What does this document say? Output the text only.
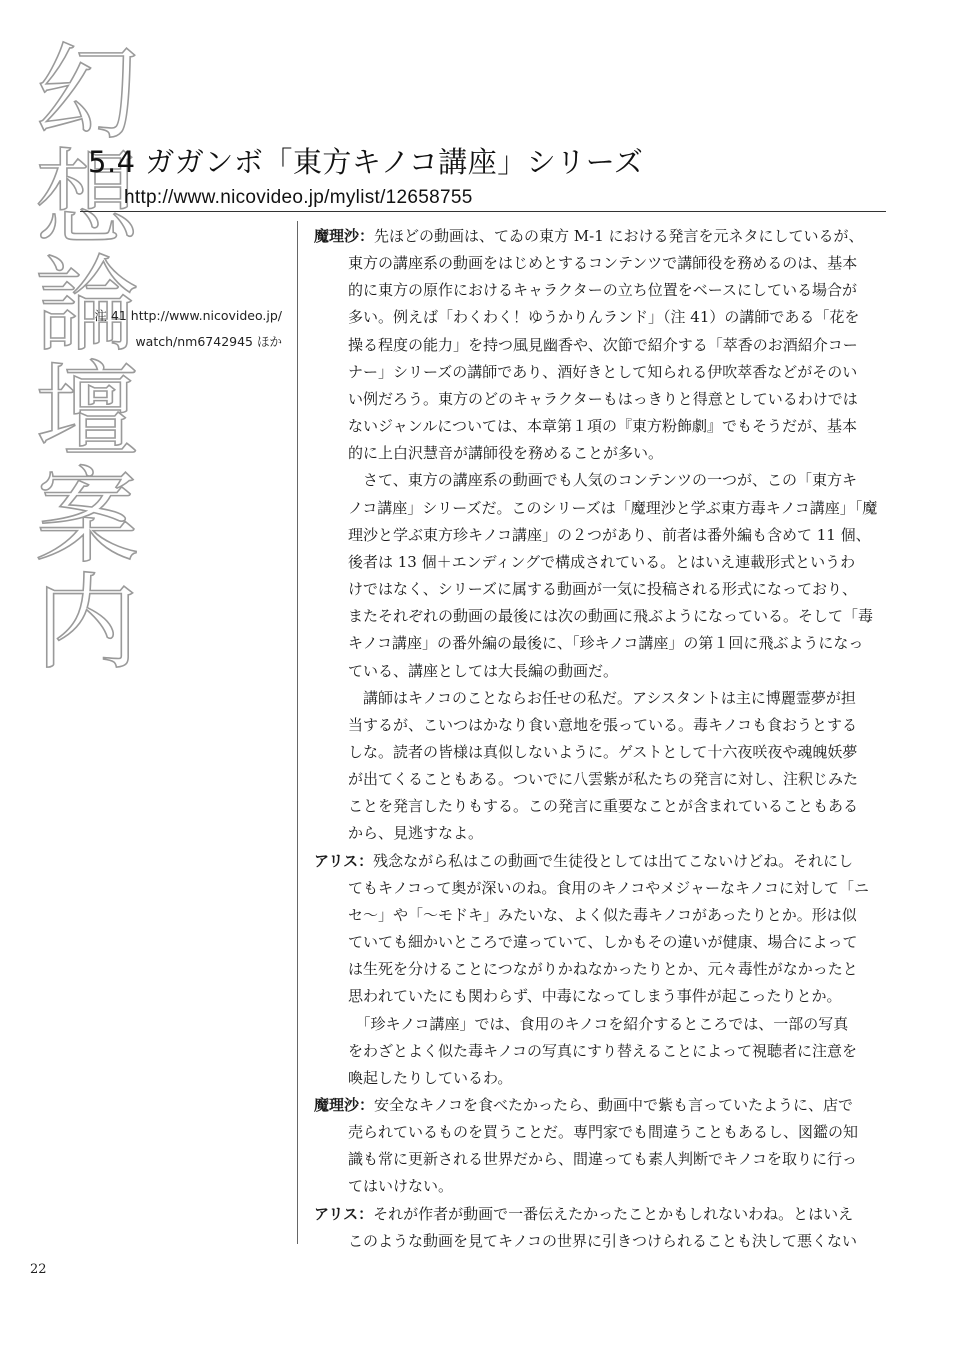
幻
想
論
壇
案
内
5.4 ガガンボ「東方キノコ講座」シリーズ
http://www.nicovideo.jp/mylist/12658755
注 41 http://www.nicovideo.jp/
watch/nm6742945 ほか
魔理沙：先ほどの動画は、てゐの東方 M-1 における発言を元ネタにしているが、
東方の講座系の動画をはじめとするコンテンツで講師役を務めるのは、基本
的に東方の原作におけるキャラクターの立ち位置をベースにしている場合が
多い。例えば「わくわく！ゆうかりんランド」（注 41）の講師である「花を
操る程度の能力」を持つ風見幽香や、次節で紹介する「萃香のお酒紹介コー
ナー」シリーズの講師であり、酒好きとして知られる伊吹萃香などがそのい
い例だろう。東方のどのキャラクターもはっきりと得意としているわけでは
ないジャンルについては、本章第１項の『東方粉飾劇』でもそうだが、基本
的に上白沢慧音が講師役を務めることが多い。
　さて、東方の講座系の動画でも人気のコンテンツの一つが、この「東方キ
ノコ講座」シリーズだ。このシリーズは「魔理沙と学ぶ東方毒キノコ講座」「魔
理沙と学ぶ東方珍キノコ講座」の２つがあり、前者は番外編も含めて 11 個、
後者は 13 個＋エンディングで構成されている。とはいえ連載形式というわ
けではなく、シリーズに属する動画が一気に投稿される形式になっており、
またそれぞれの動画の最後には次の動画に飛ぶようになっている。そして「毒
キノコ講座」の番外編の最後に、「珍キノコ講座」の第１回に飛ぶようになっ
ている、講座としては大長編の動画だ。
　講師はキノコのことならお任せの私だ。アシスタントは主に博麗霊夢が担
当するが、こいつはかなり食い意地を張っている。毒キノコも食おうとする
しな。読者の皆様は真似しないように。ゲストとして十六夜咲夜や魂魄妖夢
が出てくることもある。ついでに八雲紫が私たちの発言に対し、注釈じみた
ことを発言したりもする。この発言に重要なことが含まれていることもある
から、見逃すなよ。
アリス：残念ながら私はこの動画で生徒役としては出てこないけどね。それにし
てもキノコって奥が深いのね。食用のキノコやメジャーなキノコに対して「ニ
セ～」や「～モドキ」みたいな、よく似た毒キノコがあったりとか。形は似
ていても細かいところで違っていて、しかもその違いが健康、場合によって
は生死を分けることにつながりかねなかったりとか、元々毒性がなかったと
思われていたにも関わらず、中毒になってしまう事件が起こったりとか。
　「珍キノコ講座」では、食用のキノコを紹介するところでは、一部の写真
をわざとよく似た毒キノコの写真にすり替えることによって視聴者に注意を
喚起したりしているわ。
魔理沙：安全なキノコを食べたかったら、動画中で紫も言っていたように、店で
売られているものを買うことだ。専門家でも間違うこともあるし、図鑑の知
識も常に更新される世界だから、間違っても素人判断でキノコを取りに行っ
てはいけない。
アリス：それが作者が動画で一番伝えたかったことかもしれないわね。とはいえ
このような動画を見てキノコの世界に引きつけられることも決して悪くない
22
